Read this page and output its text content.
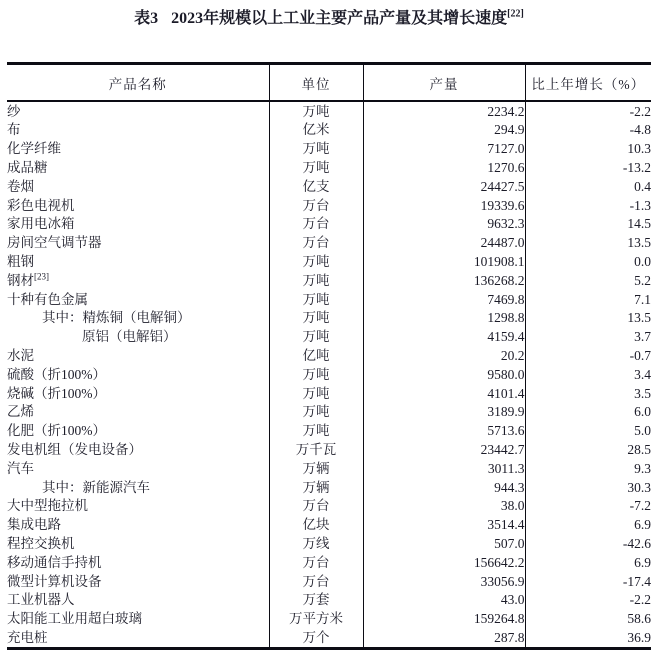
表3 2023年规模以上工业主要产品产量及其增长速度[22]
产品名称	单位	产量	比上年增长（%）
纱	万吨	2234.2	-2.2
布	亿米	294.9	-4.8
化学纤维	万吨	7127.0	10.3
成品糖	万吨	1270.6	-13.2
卷烟	亿支	24427.5	0.4
彩色电视机	万台	19339.6	-1.3
家用电冰箱	万台	9632.3	14.5
房间空气调节器	万台	24487.0	13.5
粗钢	万吨	101908.1	0.0
钢材[23]	万吨	136268.2	5.2
十种有色金属	万吨	7469.8	7.1
其中：精炼铜（电解铜）	万吨	1298.8	13.5
原铝（电解铝）	万吨	4159.4	3.7
水泥	亿吨	20.2	-0.7
硫酸（折100%）	万吨	9580.0	3.4
烧碱（折100%）	万吨	4101.4	3.5
乙烯	万吨	3189.9	6.0
化肥（折100%）	万吨	5713.6	5.0
发电机组（发电设备）	万千瓦	23442.7	28.5
汽车	万辆	3011.3	9.3
其中：新能源汽车	万辆	944.3	30.3
大中型拖拉机	万台	38.0	-7.2
集成电路	亿块	3514.4	6.9
程控交换机	万线	507.0	-42.6
移动通信手持机	万台	156642.2	6.9
微型计算机设备	万台	33056.9	-17.4
工业机器人	万套	43.0	-2.2
太阳能工业用超白玻璃	万平方米	159264.8	58.6
充电桩	万个	287.8	36.9
